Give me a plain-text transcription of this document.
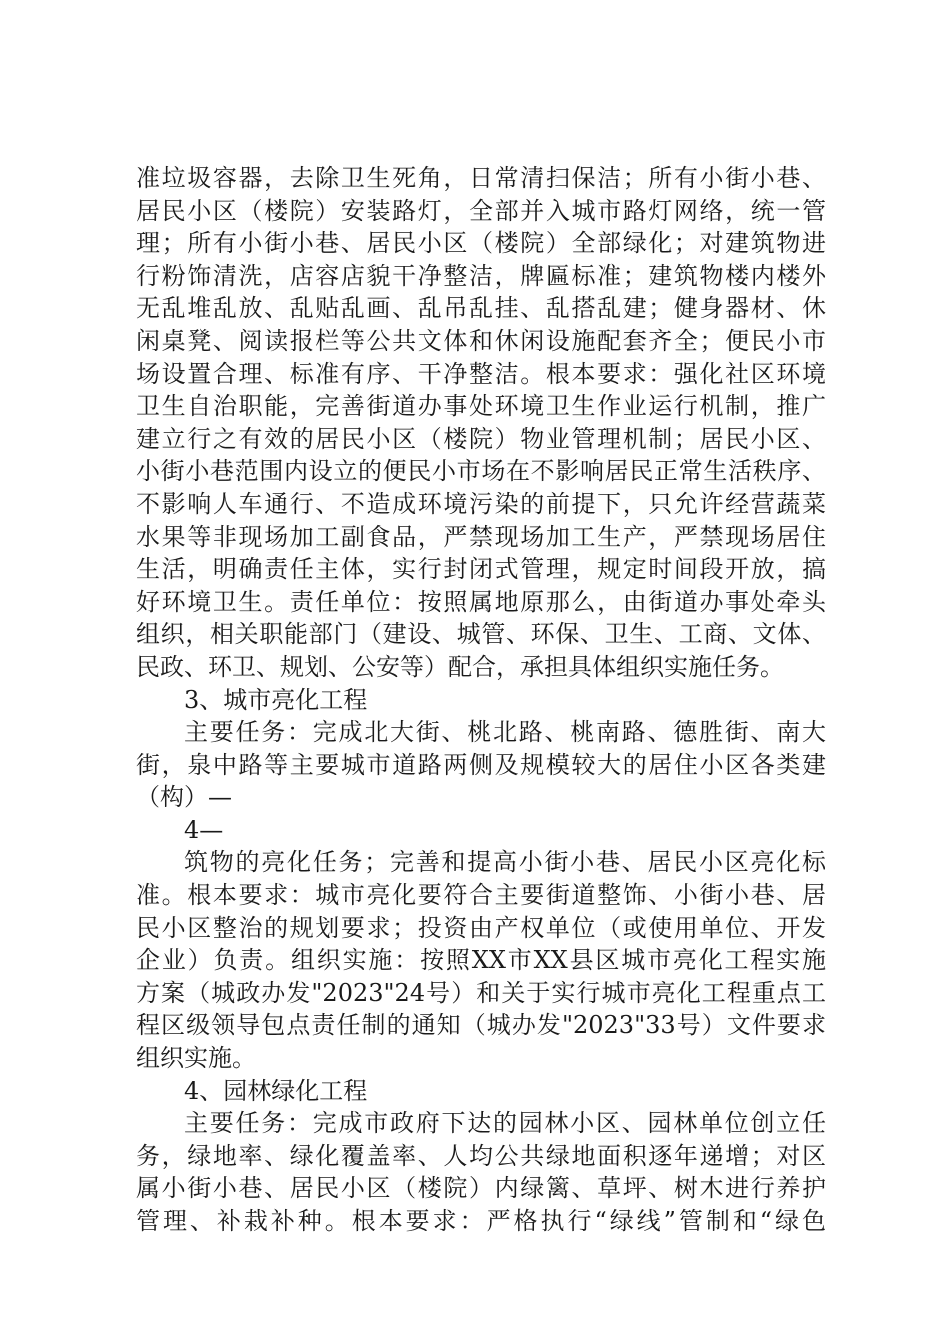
准垃圾容器，去除卫生死角，日常清扫保洁；所有小街小巷、
居民小区（楼院）安装路灯，全部并入城市路灯网络，统一管
理；所有小街小巷、居民小区（楼院）全部绿化；对建筑物进
行粉饰清洗，店容店貌干净整洁，牌匾标准；建筑物楼内楼外
无乱堆乱放、乱贴乱画、乱吊乱挂、乱搭乱建；健身器材、休
闲桌凳、阅读报栏等公共文体和休闲设施配套齐全；便民小市
场设置合理、标准有序、干净整洁。根本要求：强化社区环境
卫生自治职能，完善街道办事处环境卫生作业运行机制，推广
建立行之有效的居民小区（楼院）物业管理机制；居民小区、
小街小巷范围内设立的便民小市场在不影响居民正常生活秩序、
不影响人车通行、不造成环境污染的前提下，只允许经营蔬菜
水果等非现场加工副食品，严禁现场加工生产，严禁现场居住
生活，明确责任主体，实行封闭式管理，规定时间段开放，搞
好环境卫生。责任单位：按照属地原那么，由街道办事处牵头
组织，相关职能部门（建设、城管、环保、卫生、工商、文体、
民政、环卫、规划、公安等）配合，承担具体组织实施任务。
3、城市亮化工程
主要任务：完成北大街、桃北路、桃南路、德胜街、南大
街，泉中路等主要城市道路两侧及规模较大的居住小区各类建
（构）—
4—
筑物的亮化任务；完善和提高小街小巷、居民小区亮化标
准。根本要求：城市亮化要符合主要街道整饰、小街小巷、居
民小区整治的规划要求；投资由产权单位（或使用单位、开发
企业）负责。组织实施：按照XX市XX县区城市亮化工程实施
方案（城政办发"2023"24号）和关于实行城市亮化工程重点工
程区级领导包点责任制的通知（城办发"2023"33号）文件要求
组织实施。
4、园林绿化工程
主要任务：完成市政府下达的园林小区、园林单位创立任
务，绿地率、绿化覆盖率、人均公共绿地面积逐年递增；对区
属小街小巷、居民小区（楼院）内绿篱、草坪、树木进行养护
管理、补栽补种。根本要求：严格执行“绿线”管制和“绿色
